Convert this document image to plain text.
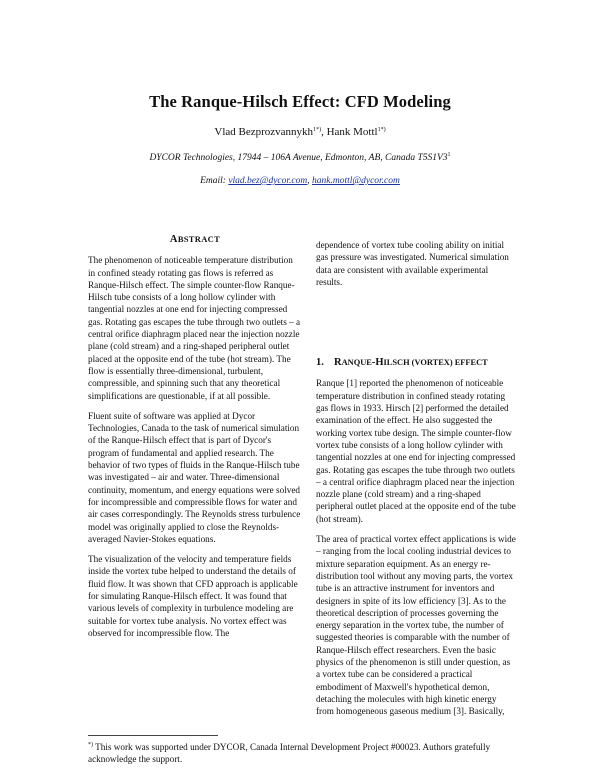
The Ranque-Hilsch Effect: CFD Modeling
Vlad Bezprozvannykh$^{1*)}$, Hank Mottl$^{1*)}$
DYCOR Technologies, 17944 – 106A Avenue, Edmonton, AB, Canada $T5S1V3^1$
Email: vlad.bez@dycor.com, hank.mottl@dycor.com
ABSTRACT

The phenomenon of noticeable temperature distribution in confined steady rotating gas flows is referred as Ranque-Hilsch effect. The simple counter-flow Ranque-Hilsch tube consists of a long hollow cylinder with tangential nozzles at one end for injecting compressed gas. Rotating gas escapes the tube through two outlets – a central orifice diaphragm placed near the injection nozzle plane (cold stream) and a ring-shaped peripheral outlet placed at the opposite end of the tube (hot stream). The flow is essentially three-dimensional, turbulent, compressible, and spinning such that any theoretical simplifications are questionable, if at all possible.

Fluent suite of software was applied at Dycor Technologies, Canada to the task of numerical simulation of the Ranque-Hilsch effect that is part of Dycor's program of fundamental and applied research. The behavior of two types of fluids in the Ranque-Hilsch tube was investigated – air and water. Three-dimensional continuity, momentum, and energy equations were solved for incompressible and compressible flows for water and air cases correspondingly. The Reynolds stress turbulence model was originally applied to close the Reynolds-averaged Navier-Stokes equations.

The visualization of the velocity and temperature fields inside the vortex tube helped to understand the details of fluid flow. It was shown that CFD approach is applicable for simulating Ranque-Hilsch effect. It was found that various levels of complexity in turbulence modeling are suitable for vortex tube analysis. No vortex effect was observed for incompressible flow. The

dependence of vortex tube cooling ability on initial gas pressure was investigated. Numerical simulation data are consistent with available experimental results.

1. RANQUE-HILSCH (VORTEX) EFFECT

Ranque [1] reported the phenomenon of noticeable temperature distribution in confined steady rotating gas flows in 1933. Hirsch [2] performed the detailed examination of the effect. He also suggested the working vortex tube design. The simple counter-flow vortex tube consists of a long hollow cylinder with tangential nozzles at one end for injecting compressed gas. Rotating gas escapes the tube through two outlets – a central orifice diaphragm placed near the injection nozzle plane (cold stream) and a ring-shaped peripheral outlet placed at the opposite end of the tube (hot stream).

The area of practical vortex effect applications is wide – ranging from the local cooling industrial devices to mixture separation equipment. As an energy re-distribution tool without any moving parts, the vortex tube is an attractive instrument for inventors and designers in spite of its low efficiency [3]. As to the theoretical description of processes governing the energy separation in the vortex tube, the number of suggested theories is comparable with the number of Ranque-Hilsch effect researchers. Even the basic physics of the phenomenon is still under question, as a vortex tube can be considered a practical embodiment of Maxwell's hypothetical demon, detaching the molecules with high kinetic energy from homogeneous gaseous medium [3]. Basically,

*) This work was supported under DYCOR, Canada Internal Development Project #00023. Authors gratefully acknowledge the support.
